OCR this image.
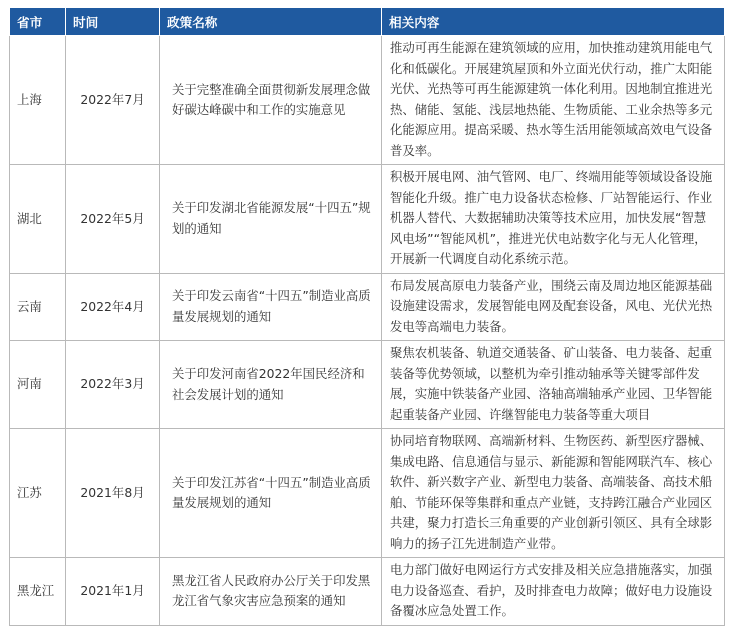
省市	时间	政策名称	相关内容
上海	2022年7月	关于完整准确全面贯彻新发展理念做好碳达峰碳中和工作的实施意见	推动可再生能源在建筑领域的应用，加快推动建筑用能电气化和低碳化。开展建筑屋顶和外立面光伏行动，推广太阳能光伏、光热等可再生能源建筑一体化利用。因地制宜推进光热、储能、氢能、浅层地热能、生物质能、工业余热等多元化能源应用。提高采暖、热水等生活用能领域高效电气设备普及率。
湖北	2022年5月	关于印发湖北省能源发展“十四五”规划的通知	积极开展电网、油气管网、电厂、终端用能等领域设备设施智能化升级。推广电力设备状态检修、厂站智能运行、作业机器人替代、大数据辅助决策等技术应用，加快发展“智慧风电场”“智能风机”，推进光伏电站数字化与无人化管理，开展新一代调度自动化系统示范。
云南	2022年4月	关于印发云南省“十四五”制造业高质量发展规划的通知	布局发展高原电力装备产业，围绕云南及周边地区能源基础设施建设需求，发展智能电网及配套设备，风电、光伏光热发电等高端电力装备。
河南	2022年3月	关于印发河南省2022年国民经济和社会发展计划的通知	聚焦农机装备、轨道交通装备、矿山装备、电力装备、起重装备等优势领域，以整机为牵引推动轴承等关键零部件发展，实施中铁装备产业园、洛轴高端轴承产业园、卫华智能起重装备产业园、许继智能电力装备等重大项目
江苏	2021年8月	关于印发江苏省“十四五”制造业高质量发展规划的通知	协同培育物联网、高端新材料、生物医药、新型医疗器械、集成电路、信息通信与显示、新能源和智能网联汽车、核心软件、新兴数字产业、新型电力装备、高端装备、高技术船舶、节能环保等集群和重点产业链，支持跨江融合产业园区共建，聚力打造长三角重要的产业创新引领区、具有全球影响力的扬子江先进制造产业带。
黑龙江	2021年1月	黑龙江省人民政府办公厅关于印发黑龙江省气象灾害应急预案的通知	电力部门做好电网运行方式安排及相关应急措施落实，加强电力设备巡查、看护，及时排查电力故障；做好电力设施设备覆冰应急处置工作。
